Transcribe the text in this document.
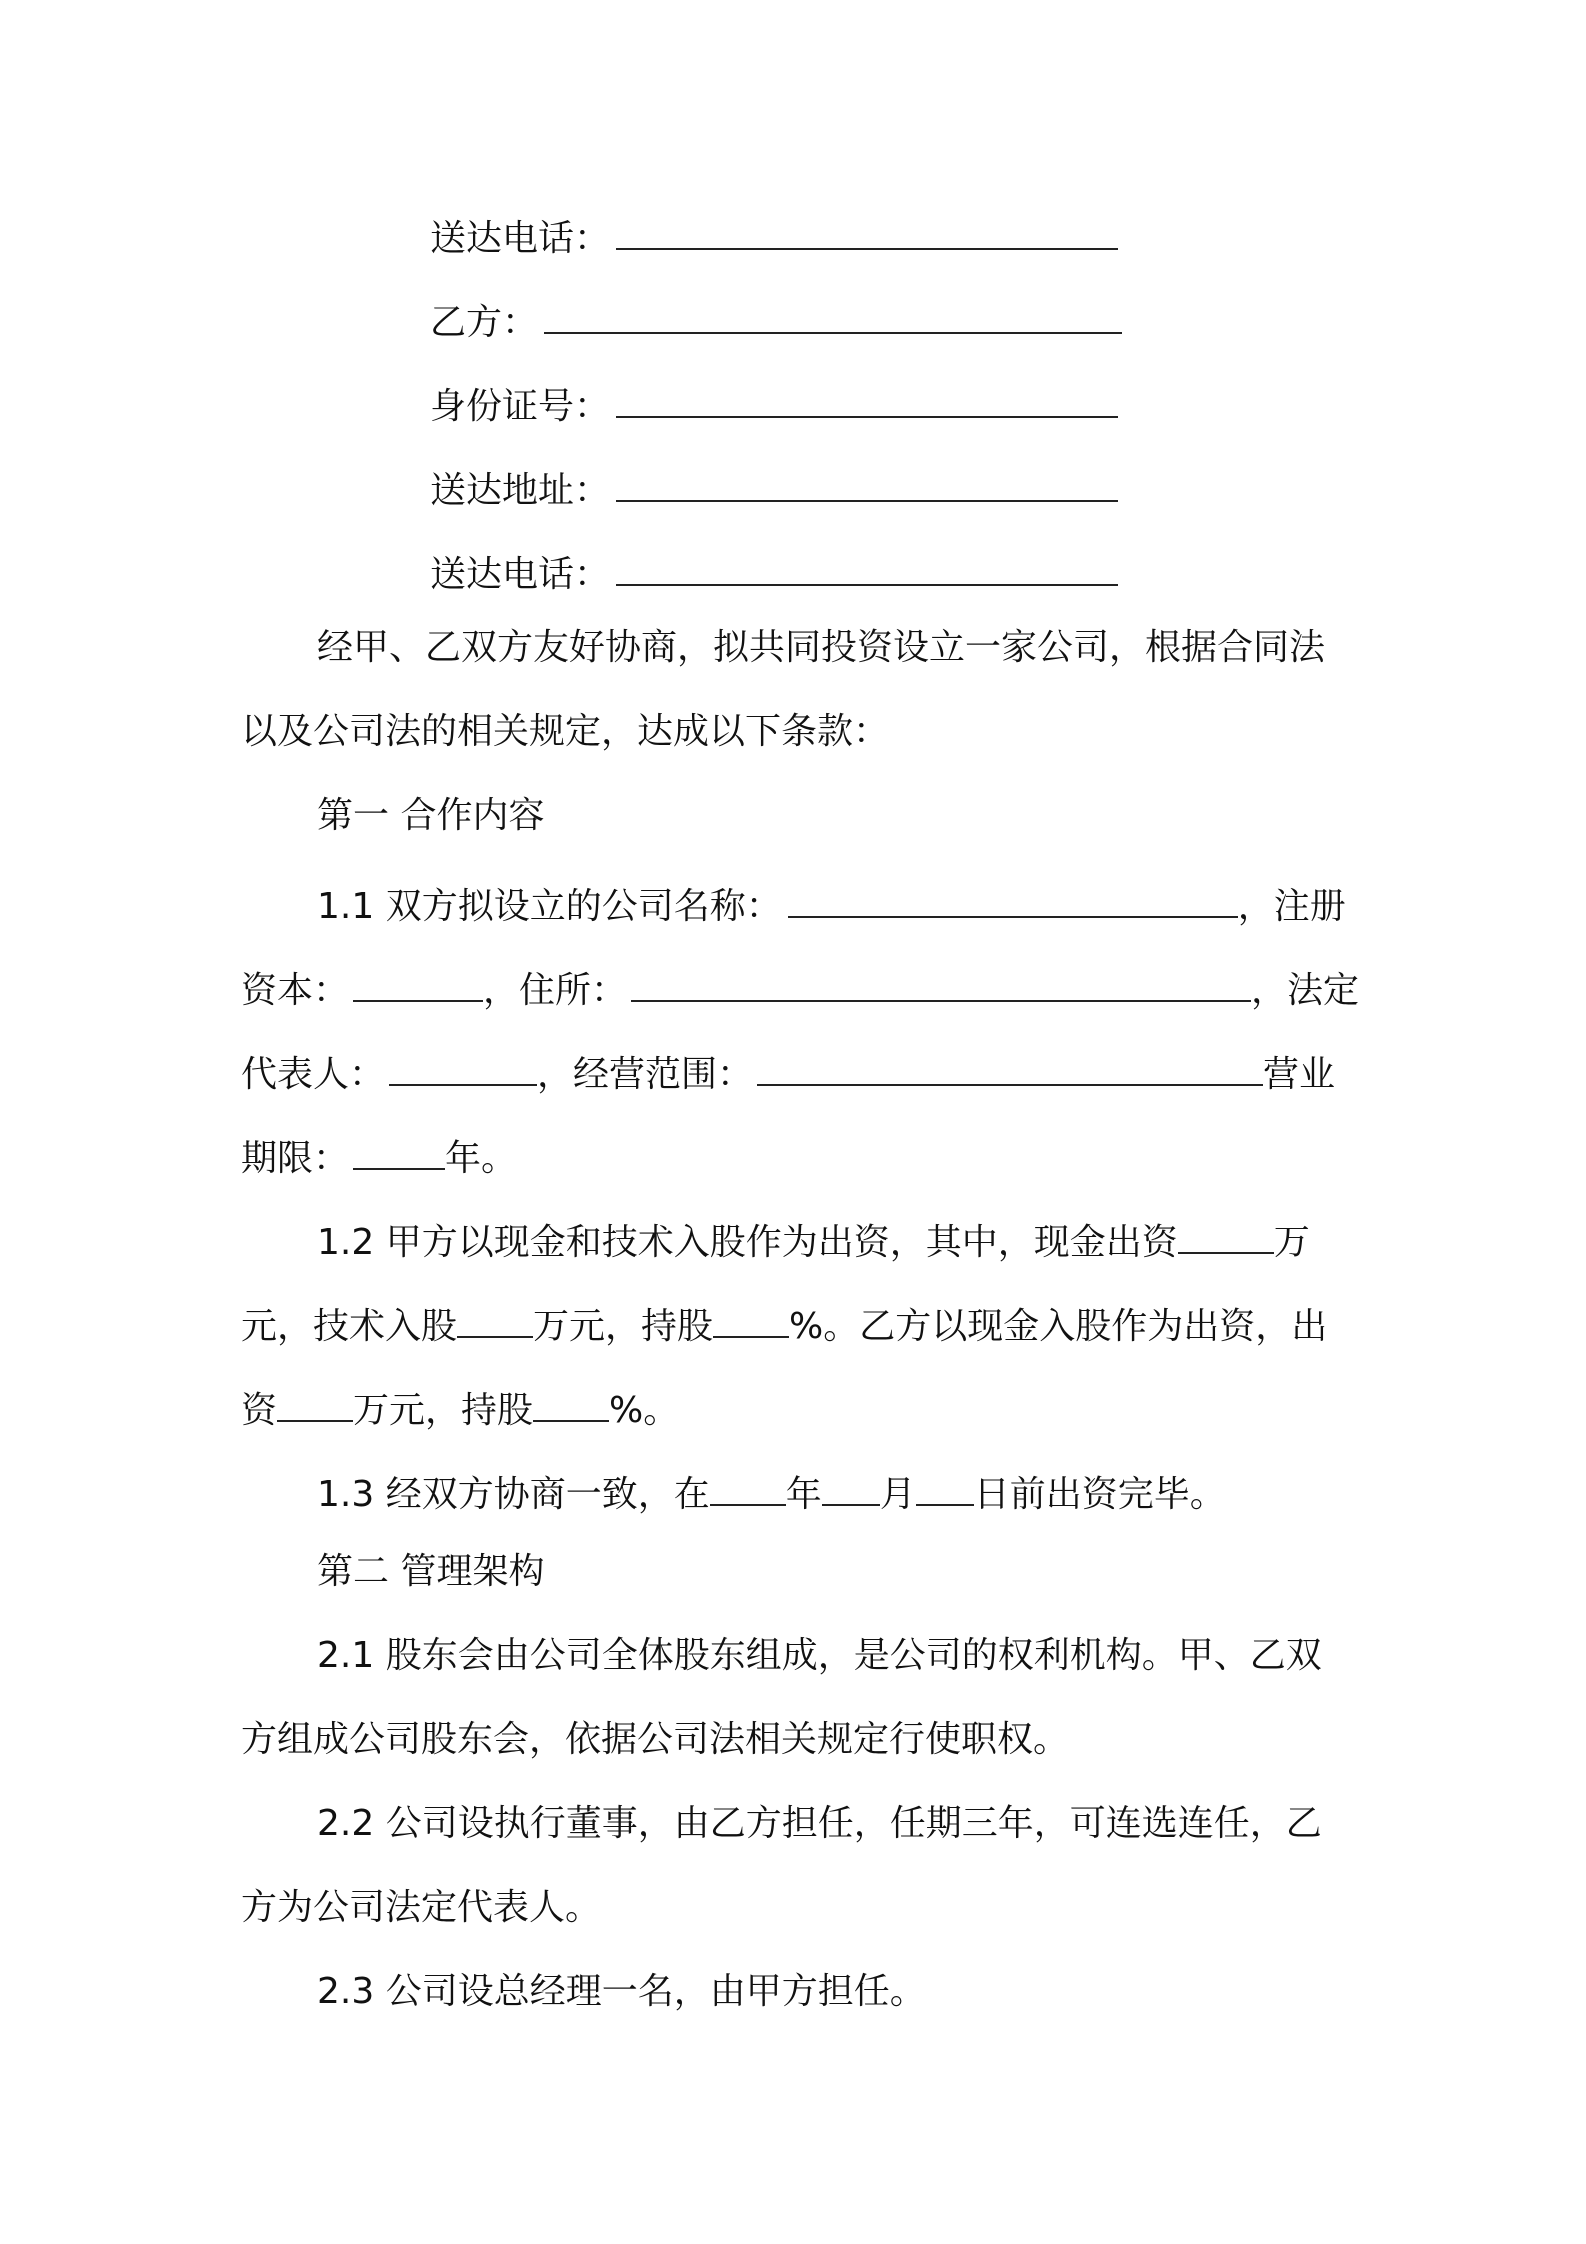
送达电话：
乙方：
身份证号：
送达地址：
送达电话：
经甲、乙双方友好协商，拟共同投资设立一家公司，根据合同法
以及公司法的相关规定，达成以下条款：
第一 合作内容
1.1 双方拟设立的公司名称：	，注册
资本：	，住所：	，法定
代表人：	，经营范围：	营业
期限：	年。
1.2 甲方以现金和技术入股作为出资，其中，现金出资	万
元，技术入股 万元，持股 %。乙方以现金入股作为出资，出
资 万元，持股 %。
1.3 经双方协商一致，在 年 月 日前出资完毕。
第二 管理架构
2.1 股东会由公司全体股东组成，是公司的权利机构。甲、乙双
方组成公司股东会，依据公司法相关规定行使职权。
2.2 公司设执行董事，由乙方担任，任期三年，可连选连任，乙
方为公司法定代表人。
2.3 公司设总经理一名，由甲方担任。
